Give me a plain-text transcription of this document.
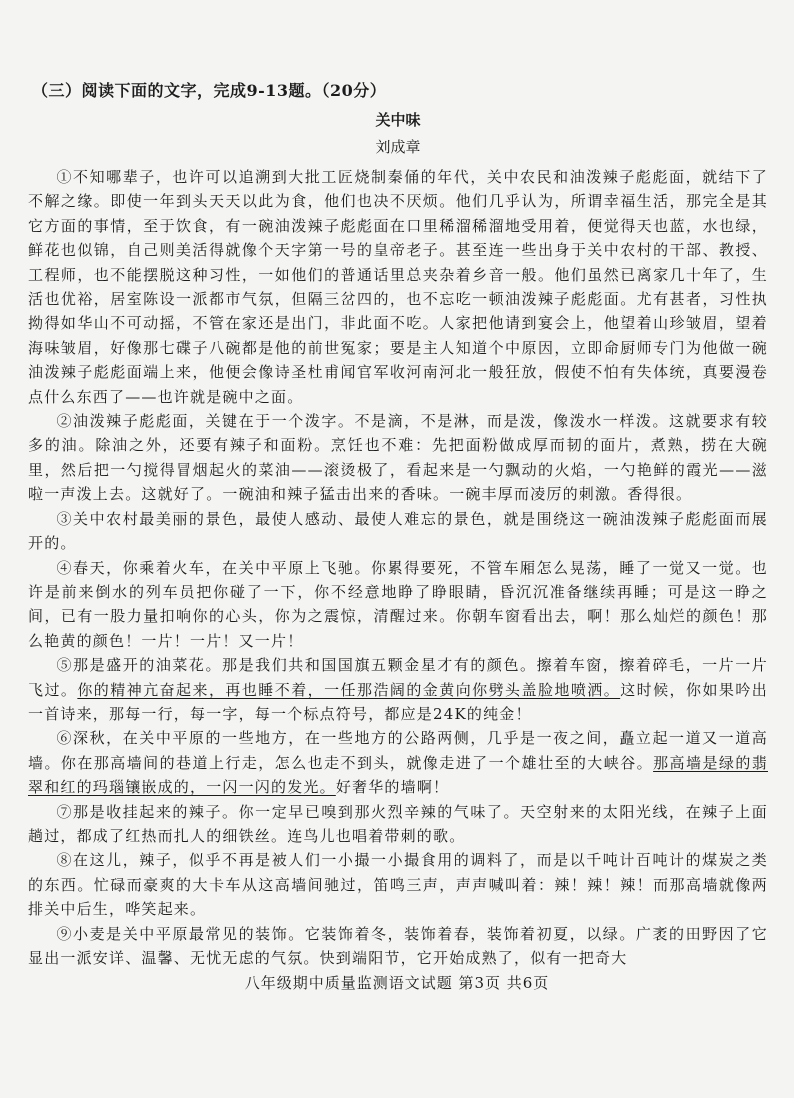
（三）阅读下面的文字，完成9-13题。（20分）
关中味
刘成章

①不知哪辈子，也许可以追溯到大批工匠烧制秦俑的年代，关中农民和油泼辣子彪彪面，就结下了不解之缘。即使一年到头天天以此为食，他们也决不厌烦。他们几乎认为，所谓幸福生活，那完全是其它方面的事情，至于饮食，有一碗油泼辣子彪彪面在口里稀溜稀溜地受用着，便觉得天也蓝，水也绿，鲜花也似锦，自己则美活得就像个天字第一号的皇帝老子。甚至连一些出身于关中农村的干部、教授、工程师，也不能摆脱这种习性，一如他们的普通话里总夹杂着乡音一般。他们虽然已离家几十年了，生活也优裕，居室陈设一派都市气氛，但隔三岔四的，也不忘吃一顿油泼辣子彪彪面。尤有甚者，习性执拗得如华山不可动摇，不管在家还是出门，非此面不吃。人家把他请到宴会上，他望着山珍皱眉，望着海味皱眉，好像那七碟子八碗都是他的前世冤家；要是主人知道个中原因，立即命厨师专门为他做一碗油泼辣子彪彪面端上来，他便会像诗圣杜甫闻官军收河南河北一般狂放，假使不怕有失体统，真要漫卷点什么东西了——也许就是碗中之面。

②油泼辣子彪彪面，关键在于一个泼字。不是滴，不是淋，而是泼，像泼水一样泼。这就要求有较多的油。除油之外，还要有辣子和面粉。烹饪也不难：先把面粉做成厚而韧的面片，煮熟，捞在大碗里，然后把一勺搅得冒烟起火的菜油——滚烫极了，看起来是一勺飘动的火焰，一勺艳鲜的霞光——滋啦一声泼上去。这就好了。一碗油和辣子猛击出来的香味。一碗丰厚而凌厉的刺激。香得很。

③关中农村最美丽的景色，最使人感动、最使人难忘的景色，就是围绕这一碗油泼辣子彪彪面而展开的。

④春天，你乘着火车，在关中平原上飞驰。你累得要死，不管车厢怎么晃荡，睡了一觉又一觉。也许是前来倒水的列车员把你碰了一下，你不经意地睁了睁眼睛，昏沉沉准备继续再睡；可是这一睁之间，已有一股力量扣响你的心头，你为之震惊，清醒过来。你朝车窗看出去，啊！那么灿烂的颜色！那么艳黄的颜色！一片！一片！又一片！

⑤那是盛开的油菜花。那是我们共和国国旗五颗金星才有的颜色。擦着车窗，擦着碎毛，一片一片飞过。你的精神亢奋起来，再也睡不着，一任那浩阔的金黄向你劈头盖脸地喷洒。这时候，你如果吟出一首诗来，那每一行，每一字，每一个标点符号，都应是24K的纯金！

⑥深秋，在关中平原的一些地方，在一些地方的公路两侧，几乎是一夜之间，矗立起一道又一道高墙。你在那高墙间的巷道上行走，怎么也走不到头，就像走进了一个雄壮至的大峡谷。那高墙是绿的翡翠和红的玛瑙镶嵌成的，一闪一闪的发光。好奢华的墙啊！

⑦那是收挂起来的辣子。你一定早已嗅到那火烈辛辣的气味了。天空射来的太阳光线，在辣子上面趟过，都成了红热而扎人的细铁丝。连鸟儿也唱着带刺的歌。

⑧在这儿，辣子，似乎不再是被人们一小撮一小撮食用的调料了，而是以千吨计百吨计的煤炭之类的东西。忙碌而豪爽的大卡车从这高墙间驰过，笛鸣三声，声声喊叫着：辣！辣！辣！而那高墙就像两排关中后生，哗笑起来。

⑨小麦是关中平原最常见的装饰。它装饰着冬，装饰着春，装饰着初夏，以绿。广袤的田野因了它显出一派安详、温馨、无忧无虑的气氛。快到端阳节，它开始成熟了，似有一把奇大

八年级期中质量监测语文试题 第3页 共6页
